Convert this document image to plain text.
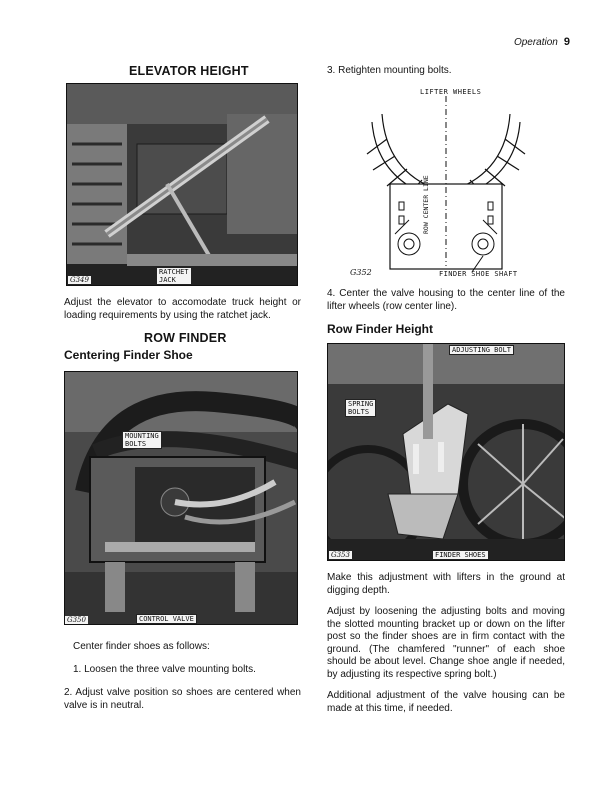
Operation 9
ELEVATOR HEIGHT
G349
RATCHET
JACK
Adjust the elevator to accomodate truck height or loading requirements by using the ratchet jack.
ROW FINDER
Centering Finder Shoe
MOUNTING
BOLTS
G350	CONTROL VALVE
Center finder shoes as follows:
1. Loosen the three valve mounting bolts.
2. Adjust valve position so shoes are centered when valve is in neutral.
3. Retighten mounting bolts.
LIFTER WHEELS
ROW CENTER LINE
G352	FINDER SHOE SHAFT
4. Center the valve housing to the center line of the lifter wheels (row center line).
Row Finder Height
ADJUSTING BOLT
SPRING
BOLTS
G353	FINDER SHOES
Make this adjustment with lifters in the ground at digging depth.
Adjust by loosening the adjusting bolts and moving the slotted mounting bracket up or down on the lifter post so the finder shoes are in firm contact with the ground. (The chamfered "runner" of each shoe should be about level. Change shoe angle if needed, by adjusting its respective spring bolt.)
Additional adjustment of the valve housing can be made at this time, if needed.
